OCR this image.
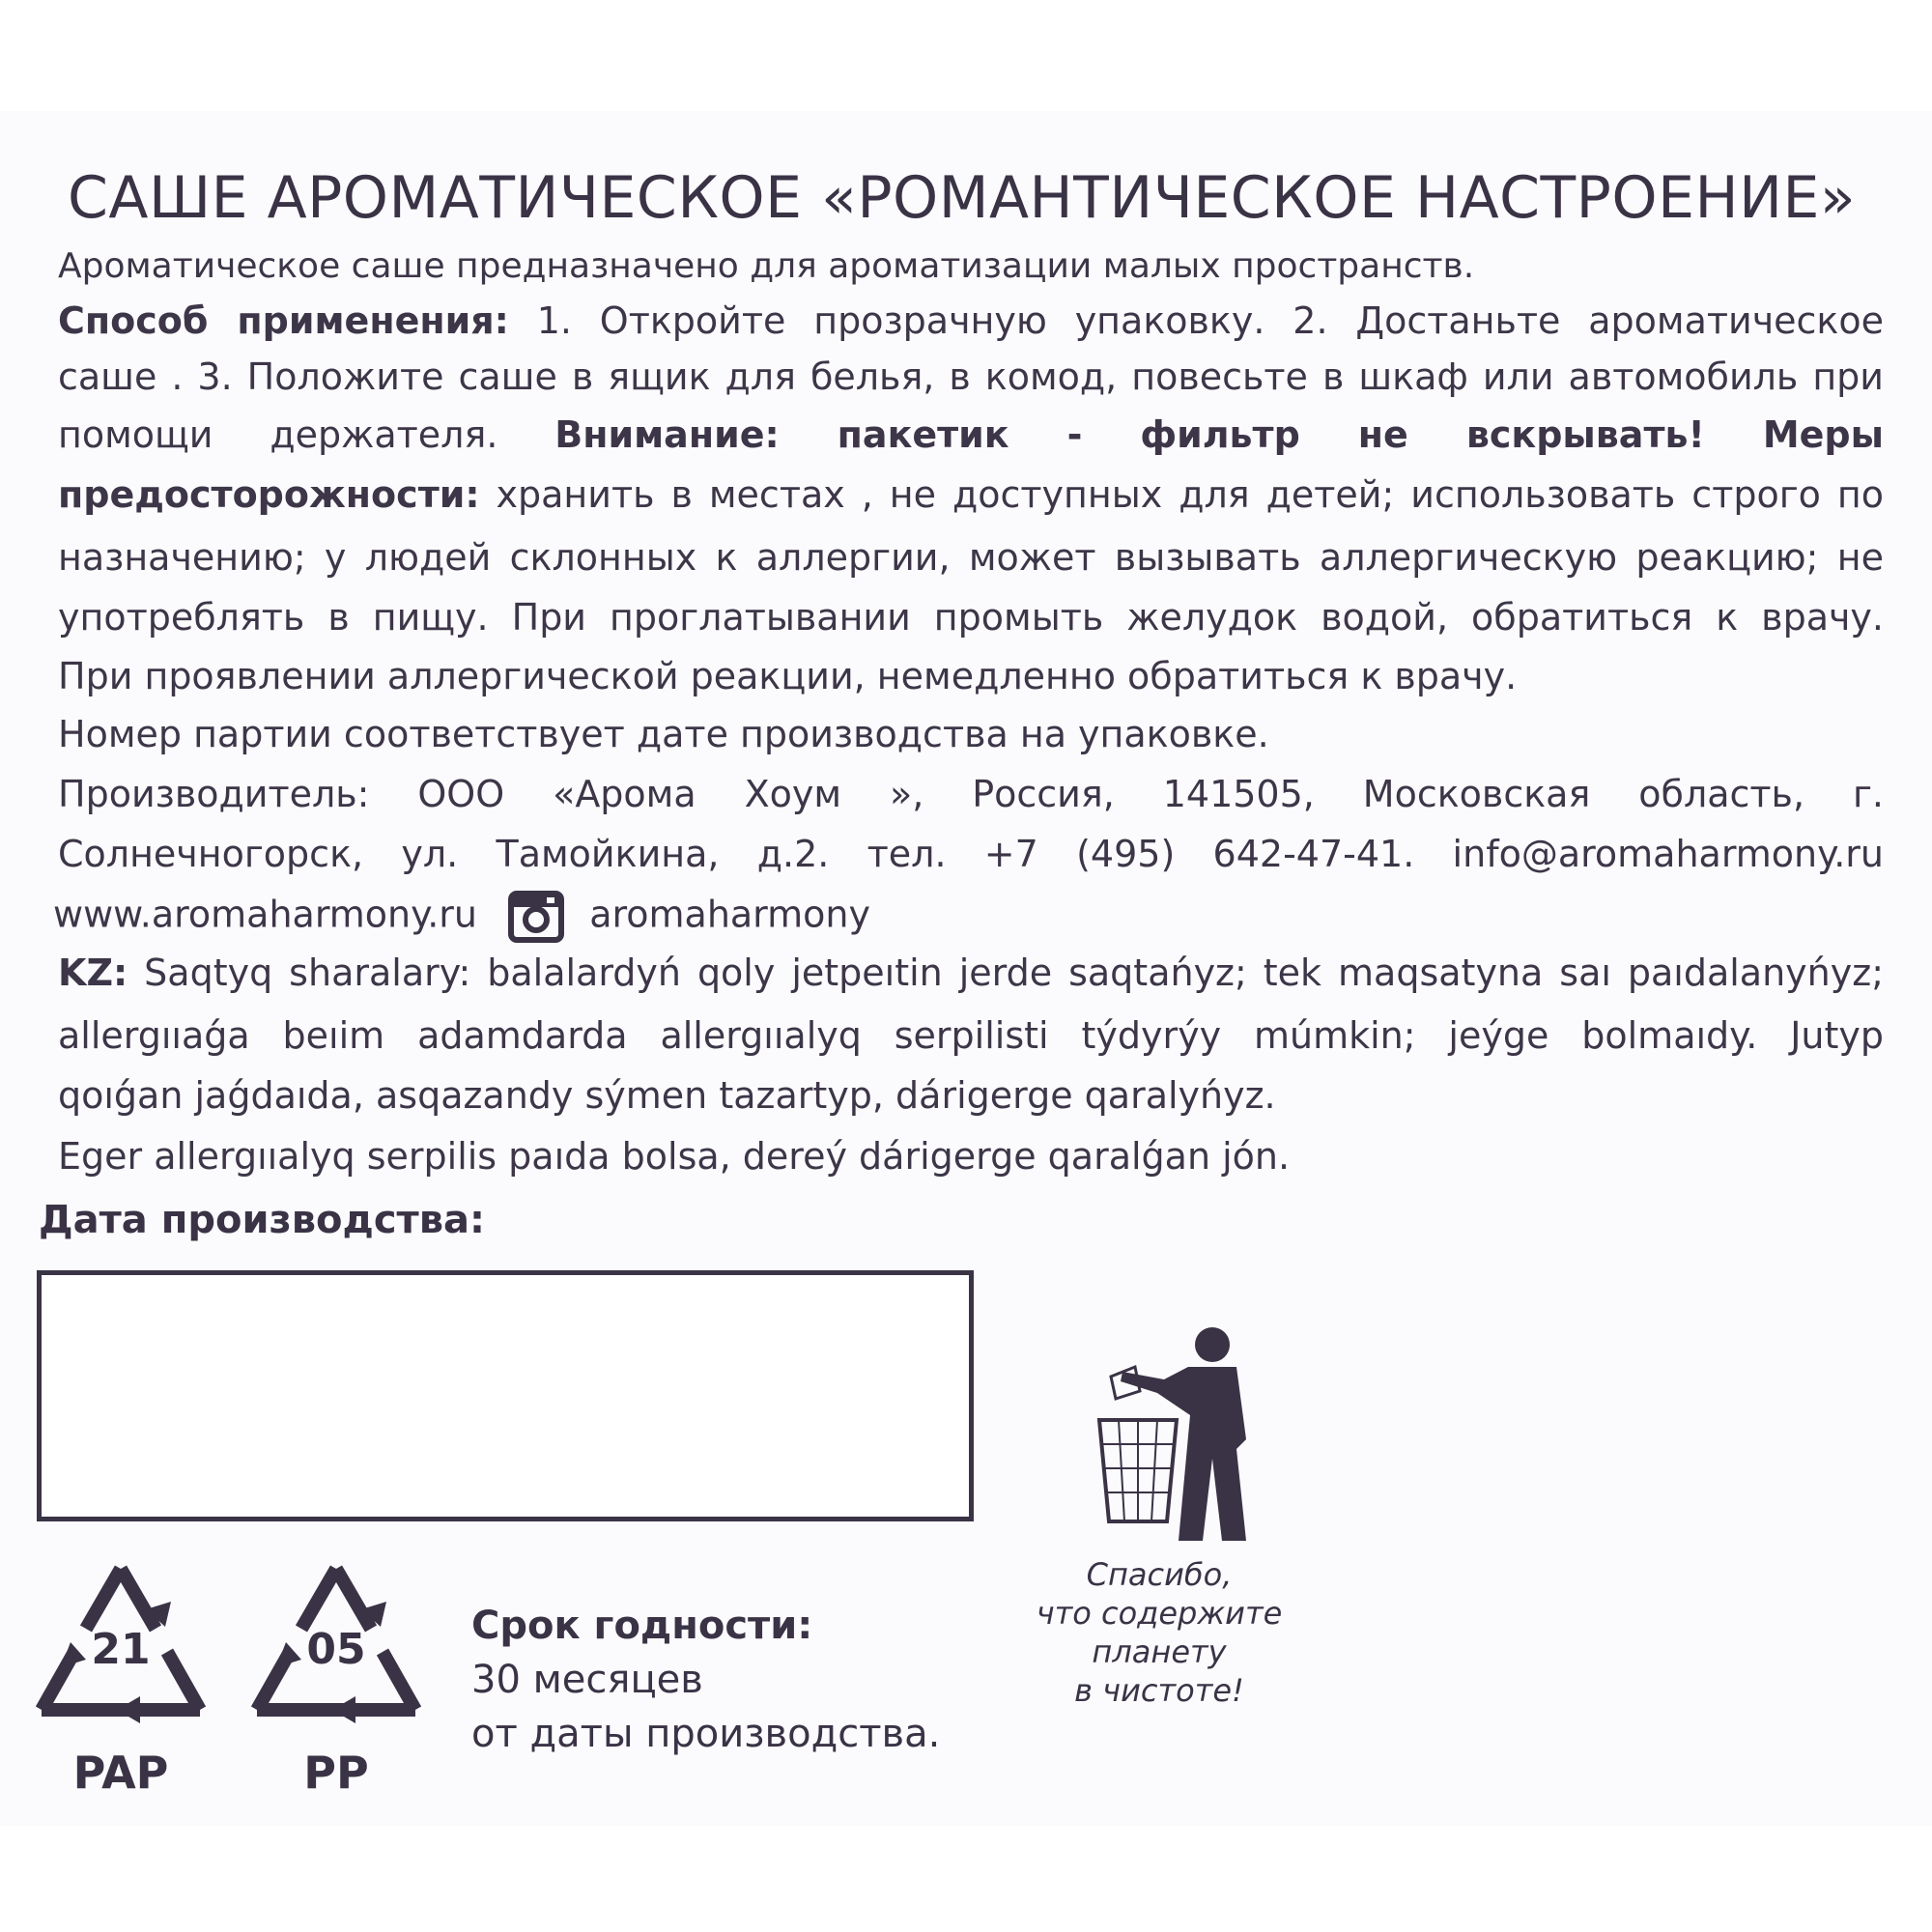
САШЕ АРОМАТИЧЕСКОЕ «РОМАНТИЧЕСКОЕ НАСТРОЕНИЕ»
Ароматическое саше предназначено для ароматизации малых пространств.
Способ применения: 1. Откройте прозрачную упаковку. 2. Достаньте ароматическое
саше . 3. Положите саше в ящик для белья, в комод, повесьте в шкаф или автомобиль при
помощи держателя. Внимание: пакетик - фильтр не вскрывать! Меры
предосторожности: хранить в местах , не доступных для детей; использовать строго по
назначению; у людей склонных к аллергии, может вызывать аллергическую реакцию; не
употреблять в пищу. При проглатывании промыть желудок водой, обратиться к врачу.
При проявлении аллергической реакции, немедленно обратиться к врачу.
Номер партии соответствует дате производства на упаковке.
Производитель: ООО «Арома Хоум », Россия, 141505, Московская область, г.
Солнечногорск, ул. Тамойкина, д.2. тел. +7 (495) 642-47-41. info@aromaharmony.ru
www.aromaharmony.ru	aromaharmony
KZ: Saqtyq sharalary: balalardyń qoly jetpeıtin jerde saqtańyz; tek maqsatyna saı paıdalanyńyz;
allergııaǵa beıim adamdarda allergııalyq serpilisti týdyrýy múmkin; jeýge bolmaıdy. Jutyp
qoıǵan jaǵdaıda, asqazandy sýmen tazartyp, dárigerge qaralyńyz.
Eger allergııalyq serpilis paıda bolsa, dereý dárigerge qaralǵan jón.
Дата производства:
Спасибо,
что содержите
планету
в чистоте!
21
PAP
05
PP
Срок годности:
30 месяцев
от даты производства.
